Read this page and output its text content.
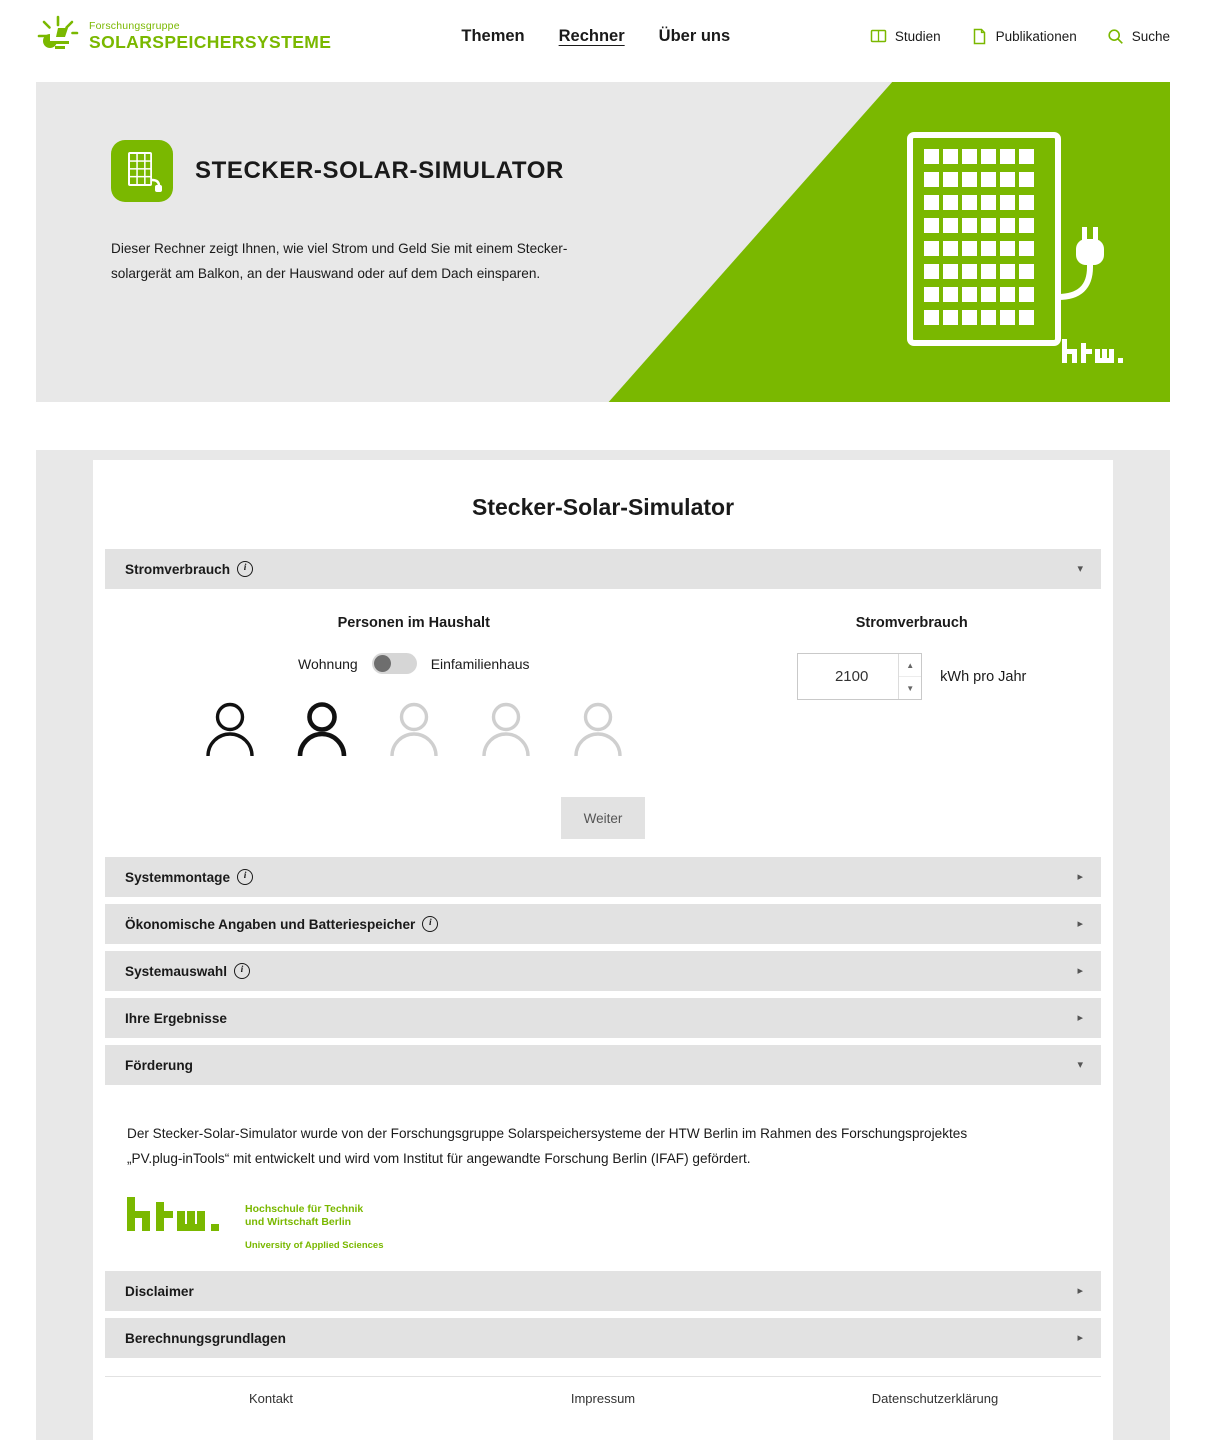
Forschungsgruppe
SOLARSPEICHERSYSTEME	Themen Rechner Über uns	Studien	Publikationen	Suche
STECKER-SOLAR-SIMULATOR
Dieser Rechner zeigt Ihnen, wie viel Strom und Geld Sie mit einem Stecker-solargerät am Balkon, an der Hauswand oder auf dem Dach einsparen.
Stecker-Solar-Simulator
Stromverbrauch	i	▾
Personen im Haushalt
Wohnung	Einfamilienhaus
Stromverbrauch
2100
▲
▼
kWh pro Jahr
Weiter
Systemmontage	i	▸
Ökonomische Angaben und Batteriespeicher	i	▸
Systemauswahl	i	▸
Ihre Ergebnisse	▸
Förderung	▾
Der Stecker-Solar-Simulator wurde von der Forschungsgruppe Solarspeichersysteme der HTW Berlin im Rahmen des Forschungsprojektes „PV.plug-inTools“ mit entwickelt und wird vom Institut für angewandte Forschung Berlin (IFAF) gefördert.
Hochschule für Technik
und Wirtschaft Berlin
University of Applied Sciences
Disclaimer	▸
Berechnungsgrundlagen	▸
Kontakt	Impressum	Datenschutzerklärung
